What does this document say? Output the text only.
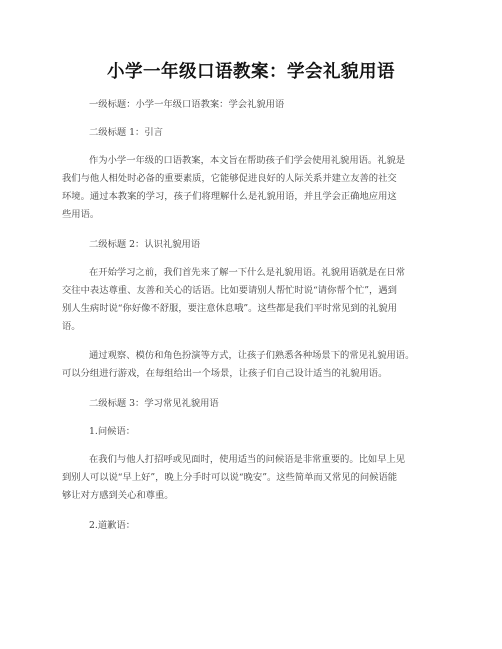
小学一年级口语教案：学会礼貌用语
一级标题：小学一年级口语教案：学会礼貌用语
二级标题 1：引言
作为小学一年级的口语教案，本文旨在帮助孩子们学会使用礼貌用语。礼貌是
我们与他人相处时必备的重要素质，它能够促进良好的人际关系并建立友善的社交
环境。通过本教案的学习，孩子们将理解什么是礼貌用语，并且学会正确地应用这
些用语。
二级标题 2：认识礼貌用语
在开始学习之前，我们首先来了解一下什么是礼貌用语。礼貌用语就是在日常
交往中表达尊重、友善和关心的话语。比如要请别人帮忙时说“请你帮个忙”，遇到
别人生病时说“你好像不舒服，要注意休息哦”。这些都是我们平时常见到的礼貌用
语。
通过观察、模仿和角色扮演等方式，让孩子们熟悉各种场景下的常见礼貌用语。
可以分组进行游戏，在每组给出一个场景，让孩子们自己设计适当的礼貌用语。
二级标题 3：学习常见礼貌用语
1.问候语：
在我们与他人打招呼或见面时，使用适当的问候语是非常重要的。比如早上见
到别人可以说“早上好”，晚上分手时可以说“晚安”。这些简单而又常见的问候语能
够让对方感到关心和尊重。
2.道歉语：
